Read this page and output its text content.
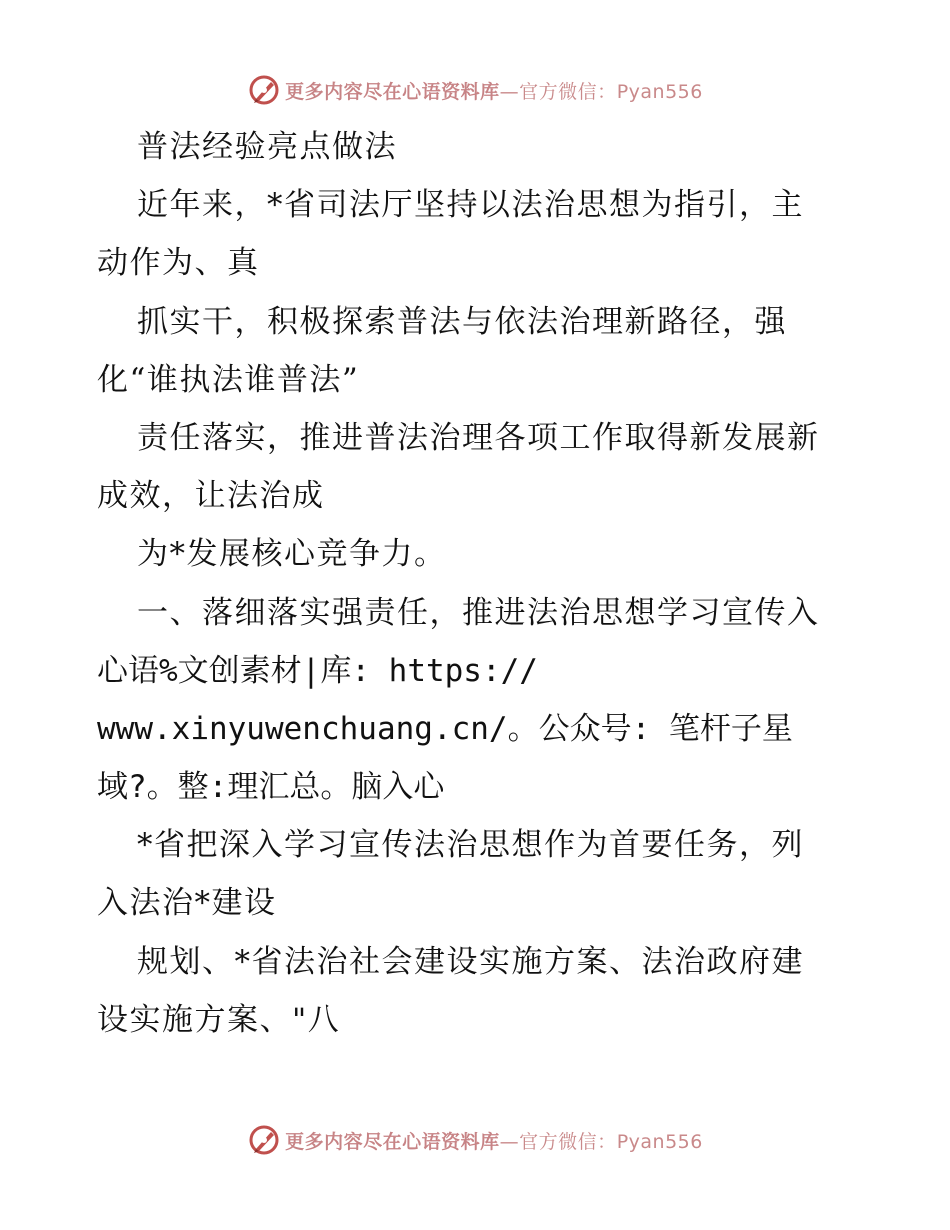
更多内容尽在心语资料库—官方微信：Pyan556
普法经验亮点做法
近年来，*省司法厅坚持以法治思想为指引，主
动作为、真
抓实干，积极探索普法与依法治理新路径，强
化“谁执法谁普法”
责任落实，推进普法治理各项工作取得新发展新
成效，让法治成
为*发展核心竞争力。
一、落细落实强责任，推进法治思想学习宣传入
心语%文创素材|库: https://
www.xinyuwenchuang.cn/。公众号: 笔杆子星
域?。整:理汇总。脑入心
*省把深入学习宣传法治思想作为首要任务，列
入法治*建设
规划、*省法治社会建设实施方案、法治政府建
设实施方案、"八
更多内容尽在心语资料库—官方微信：Pyan556
